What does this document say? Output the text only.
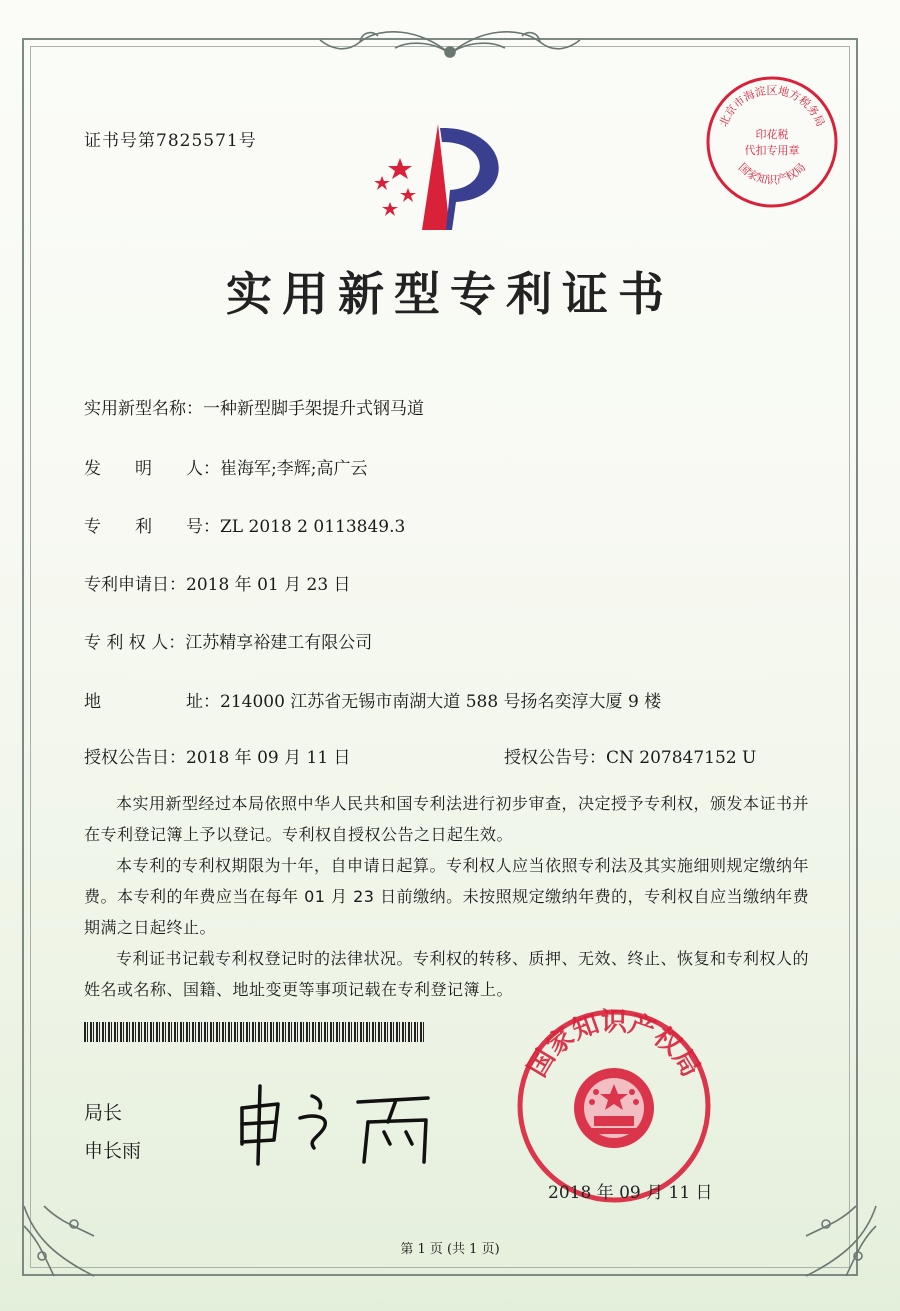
证书号第7825571号
北京市海淀区地方税务局
印花税
代扣专用章
国家知识产权局
实用新型专利证书
实用新型名称：一种新型脚手架提升式钢马道
发　　明　　人：崔海军;李辉;高广云
专　　利　　号：ZL 2018 2 0113849.3
专利申请日：2018 年 01 月 23 日
专 利 权 人：江苏精享裕建工有限公司
地　　　　　址：214000 江苏省无锡市南湖大道 588 号扬名奕淳大厦 9 楼
授权公告日：2018 年 09 月 11 日	授权公告号：CN 207847152 U

本实用新型经过本局依照中华人民共和国专利法进行初步审查，决定授予专利权，颁发本证书并在专利登记簿上予以登记。专利权自授权公告之日起生效。

本专利的专利权期限为十年，自申请日起算。专利权人应当依照专利法及其实施细则规定缴纳年费。本专利的年费应当在每年 01 月 23 日前缴纳。未按照规定缴纳年费的，专利权自应当缴纳年费期满之日起终止。

专利证书记载专利权登记时的法律状况。专利权的转移、质押、无效、终止、恢复和专利权人的姓名或名称、国籍、地址变更等事项记载在专利登记簿上。

局长
申长雨
国家知识产权局
2018 年 09 月 11 日
第 1 页 (共 1 页)
